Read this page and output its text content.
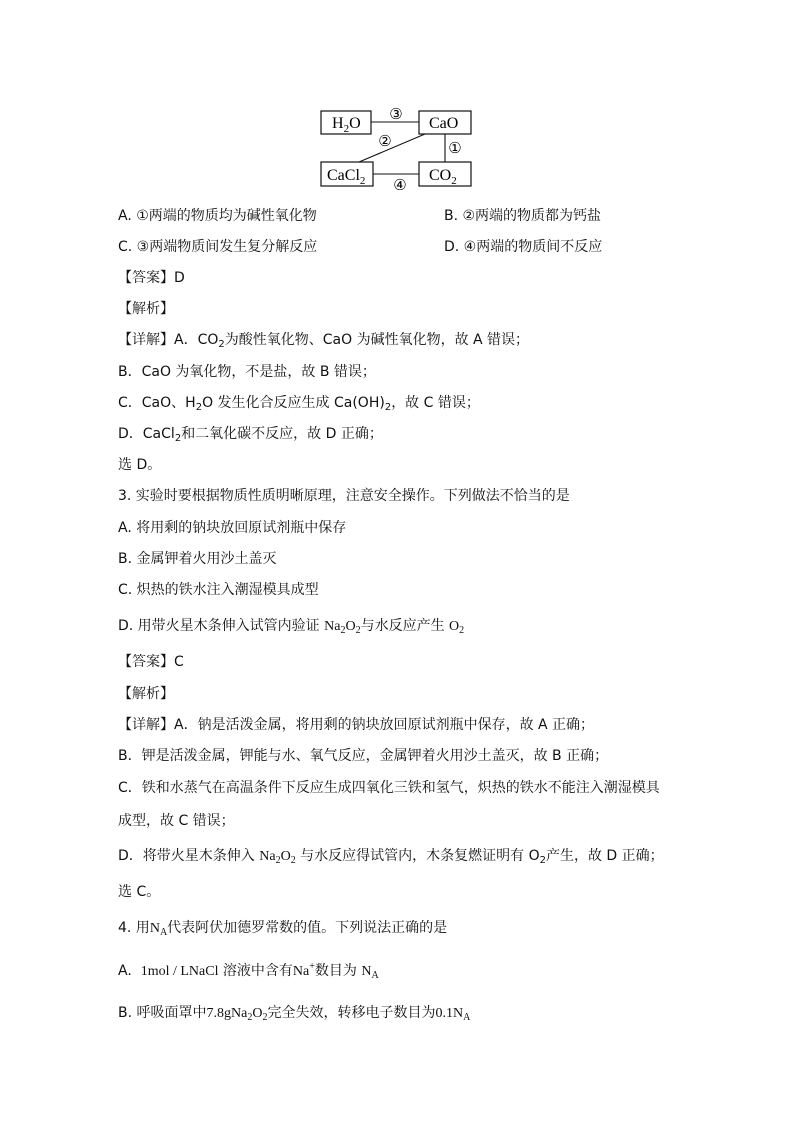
$H_2O$	CaO
CaCl$_2$	$CO_2$
③
②	①
④
A. ①两端的物质均为碱性氧化物	B. ②两端的物质都为钙盐
C. ③两端物质间发生复分解反应	D. ④两端的物质间不反应
【答案】D
【解析】
【详解】A．$CO_2$为酸性氧化物、CaO 为碱性氧化物，故 A 错误；
B．CaO 为氧化物，不是盐，故 B 错误；
C．CaO、$H_2O$ 发生化合反应生成 $Ca(OH)_2$，故 C 错误；
D．CaCl$_2$和二氧化碳不反应，故 D 正确；
选 D。
3. 实验时要根据物质性质明晰原理，注意安全操作。下列做法不恰当的是
A. 将用剩的钠块放回原试剂瓶中保存
B. 金属钾着火用沙土盖灭
C. 炽热的铁水注入潮湿模具成型
D. 用带火星木条伸入试管内验证 $Na_2O_2$与水反应产生 $O_2$
【答案】C
【解析】
【详解】A．钠是活泼金属，将用剩的钠块放回原试剂瓶中保存，故 A 正确；
B．钾是活泼金属，钾能与水、氧气反应，金属钾着火用沙土盖灭，故 B 正确；
C．铁和水蒸气在高温条件下反应生成四氧化三铁和氢气，炽热的铁水不能注入潮湿模具
成型，故 C 错误；
D．将带火星木条伸入 $Na_2O_2$ 与水反应得试管内，木条复燃证明有 $O_2$产生，故 D 正确；
选 C。
4. 用$N_A$代表阿伏加德罗常数的值。下列说法正确的是
A. 1mol / LNaCl 溶液中含有Na+数目为 $N_A$
B. 呼吸面罩中$7.8gNa_2O_2$完全失效，转移电子数目为$0.1N_A$
